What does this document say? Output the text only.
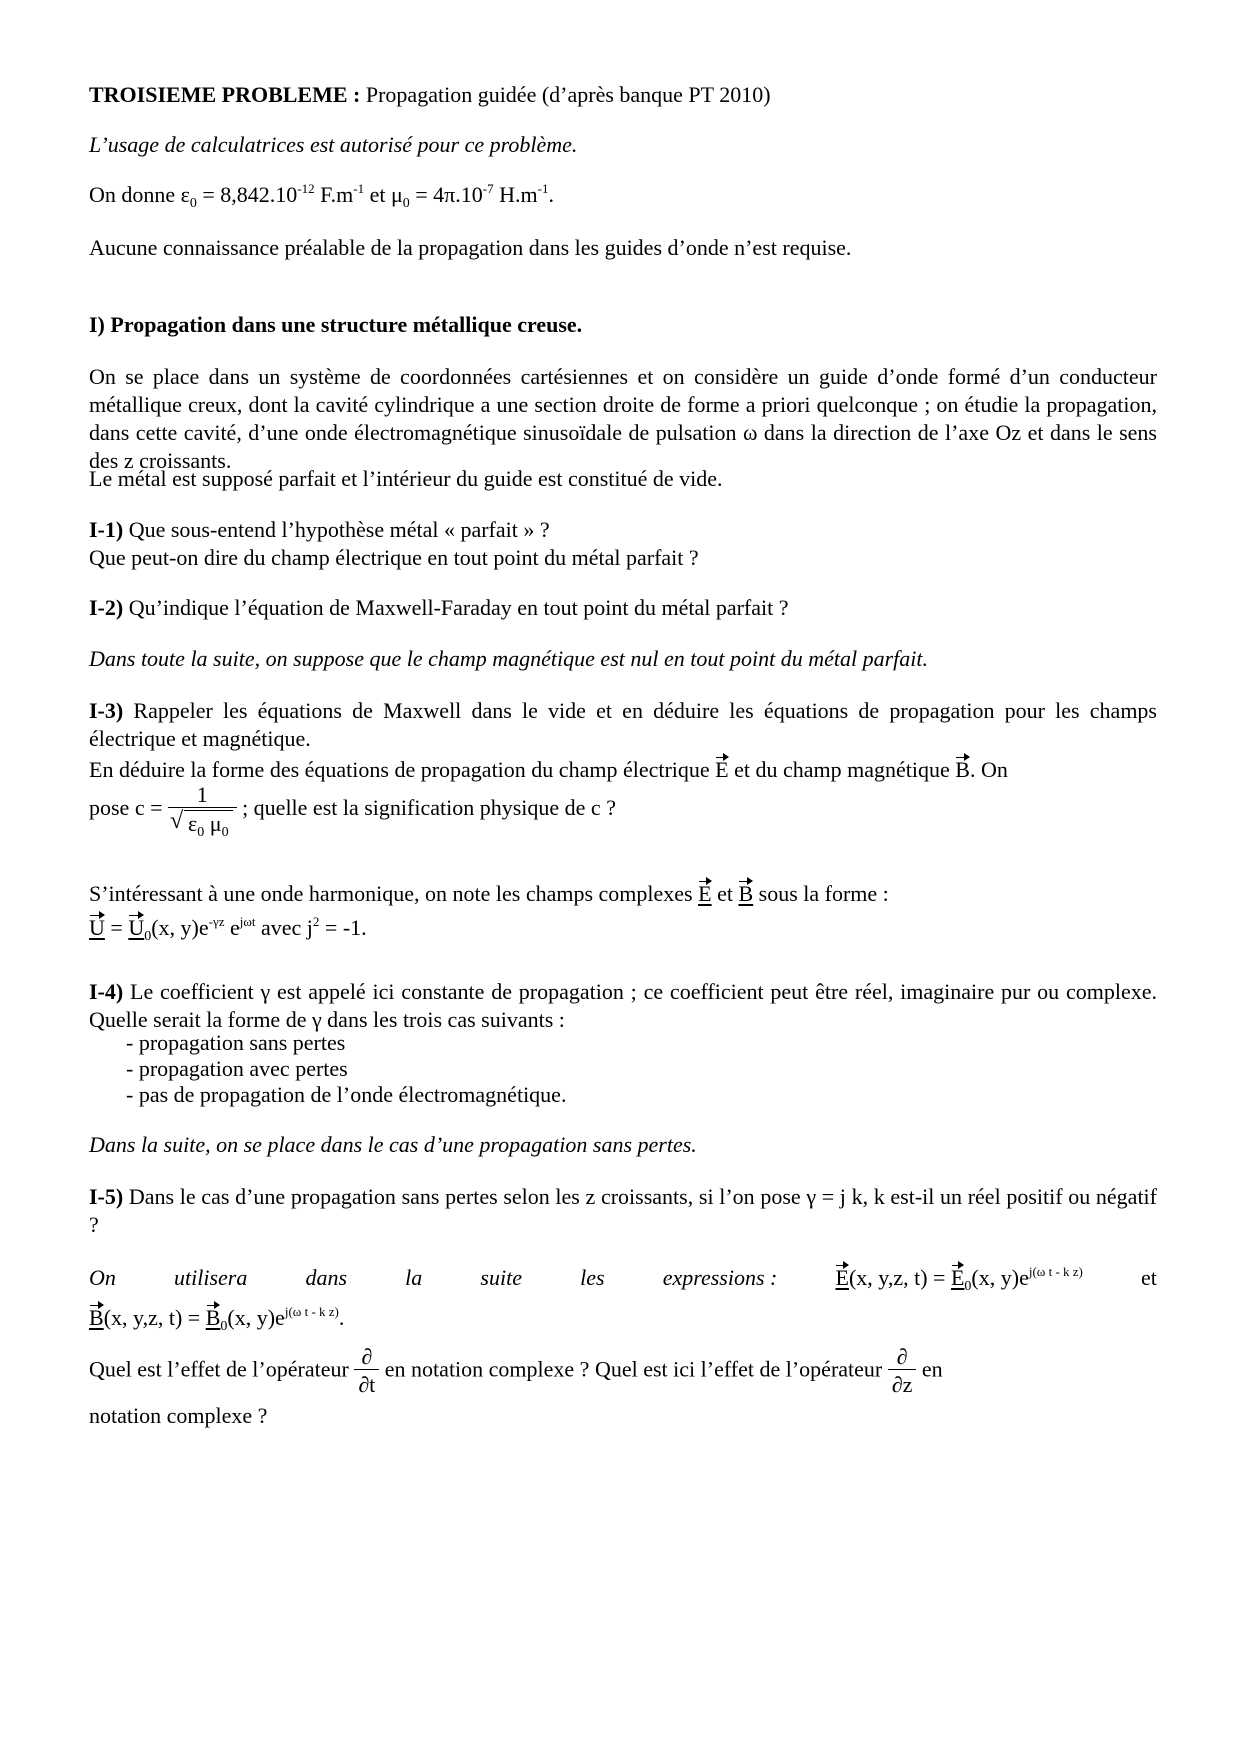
TROISIEME PROBLEME : Propagation guidée (d’après banque PT 2010)

L’usage de calculatrices est autorisé pour ce problème.

On donne $\varepsilon_0 = 8,842.10^{-12}$ $F.m^{-1}$ et $\mu_0 = 4\pi.10^{-7}$ $H.m^{-1}$.

Aucune connaissance préalable de la propagation dans les guides d’onde n’est requise.

I) Propagation dans une structure métallique creuse.

On se place dans un système de coordonnées cartésiennes et on considère un guide d’onde formé d’un conducteur métallique creux, dont la cavité cylindrique a une section droite de forme a priori quelconque ; on étudie la propagation, dans cette cavité, d’une onde électromagnétique sinusoïdale de pulsation ω dans la direction de l’axe Oz et dans le sens des z croissants.

Le métal est supposé parfait et l’intérieur du guide est constitué de vide.

I-1) Que sous-entend l’hypothèse métal « parfait » ?
Que peut-on dire du champ électrique en tout point du métal parfait ?

I-2) Qu’indique l’équation de Maxwell-Faraday en tout point du métal parfait ?

Dans toute la suite, on suppose que le champ magnétique est nul en tout point du métal parfait.

I-3) Rappeler les équations de Maxwell dans le vide et en déduire les équations de propagation pour les champs électrique et magnétique.

En déduire la forme des équations de propagation du champ électrique E et du champ magnétique B. On

pose c = 1
√ $\varepsilon_0$ $\mu_0$ ; quelle est la signification physique de c ?

S’intéressant à une onde harmonique, on note les champs complexes E et B sous la forme :

$U = U_0(x$, $y)e^{-\gamma z}$ $e^{j\omega t}$ avec $j^2 = -1$.

I-4) Le coefficient γ est appelé ici constante de propagation ; ce coefficient peut être réel, imaginaire pur ou complexe. Quelle serait la forme de γ dans les trois cas suivants :

- propagation sans pertes

- propagation avec pertes

- pas de propagation de l’onde électromagnétique.

Dans la suite, on se place dans le cas d’une propagation sans pertes.

I-5) Dans le cas d’une propagation sans pertes selon les z croissants, si l’on pose γ = j k, k est-il un réel positif ou négatif ?

On	utilisera	dans	la	suite	les	expressions :	E(x, y,z, $t) = E_0(x$, $y)e^{j(\omega t - k z)}$	et

B(x, y,z, $t) = B_0(x$, $y)e^{j(\omega t - k z)}$.

Quel est l’effet de l’opérateur $\frac{\partial}{\partial t}$ en notation complexe ? Quel est ici l’effet de l’opérateur $\frac{\partial}{\partial z}$ en

notation complexe ?
